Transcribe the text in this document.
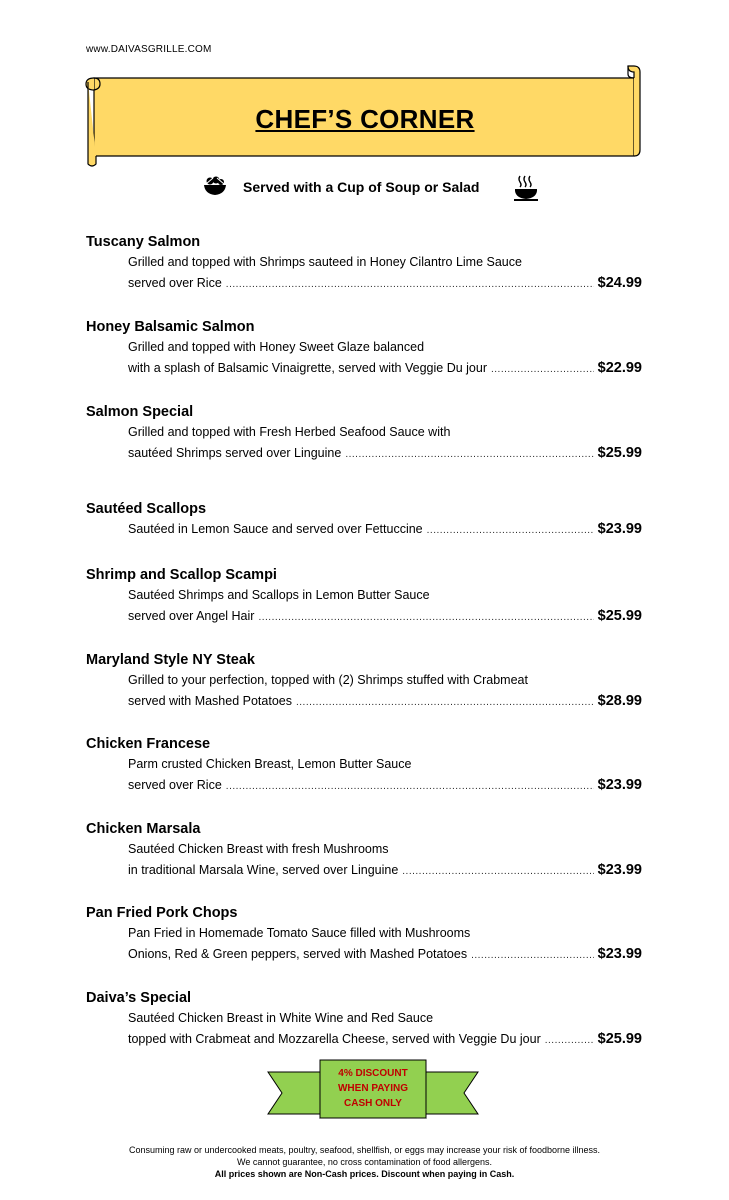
www.DAIVASGRILLE.COM
CHEF’S CORNER
Served with a Cup of Soup or Salad
Tuscany Salmon
Grilled and topped with Shrimps sauteed in Honey Cilantro Lime Sauce
served over Rice .....	$24.99
Honey Balsamic Salmon
Grilled and topped with Honey Sweet Glaze balanced
with a splash of Balsamic Vinaigrette, served with Veggie Du jour .....	$22.99
Salmon Special
Grilled and topped with Fresh Herbed Seafood Sauce with
sautéed Shrimps served over Linguine .....	$25.99
Sautéed Scallops
Sautéed in Lemon Sauce and served over Fettuccine .....	$23.99
Shrimp and Scallop Scampi
Sautéed Shrimps and Scallops in Lemon Butter Sauce
served over Angel Hair .....	$25.99
Maryland Style NY Steak
Grilled to your perfection, topped with (2) Shrimps stuffed with Crabmeat
served with Mashed Potatoes .....	$28.99
Chicken Francese
Parm crusted Chicken Breast, Lemon Butter Sauce
served over Rice .....	$23.99
Chicken Marsala
Sautéed Chicken Breast with fresh Mushrooms
in traditional Marsala Wine, served over Linguine .....	$23.99
Pan Fried Pork Chops
Pan Fried in Homemade Tomato Sauce filled with Mushrooms
Onions, Red & Green peppers, served with Mashed Potatoes .....	$23.99
Daiva’s Special
Sautéed Chicken Breast in White Wine and Red Sauce
topped with Crabmeat and Mozzarella Cheese, served with Veggie Du jour .....	$25.99
4% DISCOUNT
WHEN PAYING
CASH ONLY
Consuming raw or undercooked meats, poultry, seafood, shellfish, or eggs may increase your risk of foodborne illness.
We cannot guarantee, no cross contamination of food allergens.
All prices shown are Non-Cash prices. Discount when paying in Cash.
